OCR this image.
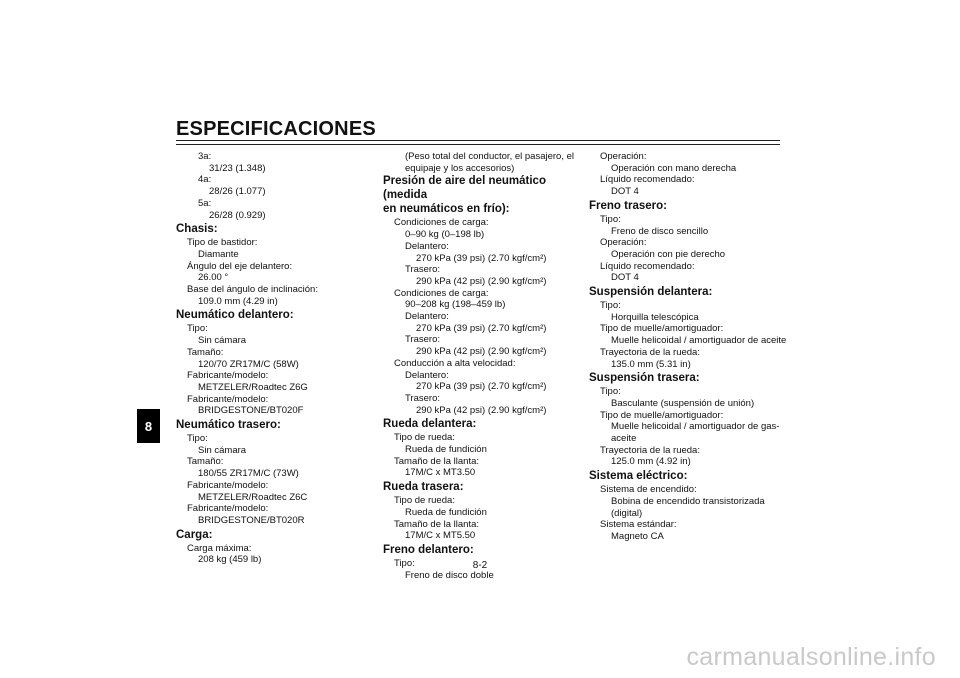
ESPECIFICACIONES
8
3a:
31/23 (1.348)
4a:
28/26 (1.077)
5a:
26/28 (0.929)
Chasis:
Tipo de bastidor:
Diamante
Ángulo del eje delantero:
26.00 °
Base del ángulo de inclinación:
109.0 mm (4.29 in)
Neumático delantero:
Tipo:
Sin cámara
Tamaño:
120/70 ZR17M/C (58W)
Fabricante/modelo:
METZELER/Roadtec Z6G
Fabricante/modelo:
BRIDGESTONE/BT020F
Neumático trasero:
Tipo:
Sin cámara
Tamaño:
180/55 ZR17M/C (73W)
Fabricante/modelo:
METZELER/Roadtec Z6C
Fabricante/modelo:
BRIDGESTONE/BT020R
Carga:
Carga máxima:
208 kg (459 lb)
(Peso total del conductor, el pasajero, el
equipaje y los accesorios)
Presión de aire del neumático (medida
en neumáticos en frío):
Condiciones de carga:
0–90 kg (0–198 lb)
Delantero:
270 kPa (39 psi) (2.70 kgf/cm²)
Trasero:
290 kPa (42 psi) (2.90 kgf/cm²)
Condiciones de carga:
90–208 kg (198–459 lb)
Delantero:
270 kPa (39 psi) (2.70 kgf/cm²)
Trasero:
290 kPa (42 psi) (2.90 kgf/cm²)
Conducción a alta velocidad:
Delantero:
270 kPa (39 psi) (2.70 kgf/cm²)
Trasero:
290 kPa (42 psi) (2.90 kgf/cm²)
Rueda delantera:
Tipo de rueda:
Rueda de fundición
Tamaño de la llanta:
17M/C x MT3.50
Rueda trasera:
Tipo de rueda:
Rueda de fundición
Tamaño de la llanta:
17M/C x MT5.50
Freno delantero:
Tipo:
Freno de disco doble
Operación:
Operación con mano derecha
Líquido recomendado:
DOT 4
Freno trasero:
Tipo:
Freno de disco sencillo
Operación:
Operación con pie derecho
Líquido recomendado:
DOT 4
Suspensión delantera:
Tipo:
Horquilla telescópica
Tipo de muelle/amortiguador:
Muelle helicoidal / amortiguador de aceite
Trayectoria de la rueda:
135.0 mm (5.31 in)
Suspensión trasera:
Tipo:
Basculante (suspensión de unión)
Tipo de muelle/amortiguador:
Muelle helicoidal / amortiguador de gas-
aceite
Trayectoria de la rueda:
125.0 mm (4.92 in)
Sistema eléctrico:
Sistema de encendido:
Bobina de encendido transistorizada
(digital)
Sistema estándar:
Magneto CA
8-2
carmanualsonline.info
